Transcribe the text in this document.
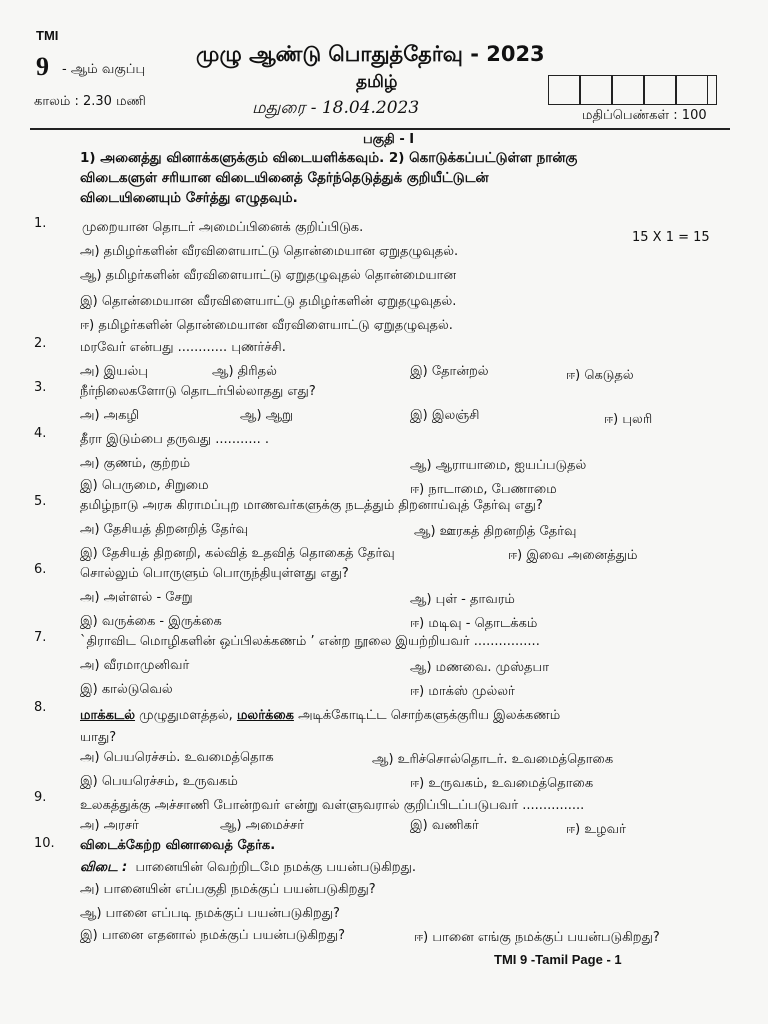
TMI
முழு ஆண்டு பொதுத்தேர்வு - 2023
9 - ஆம் வகுப்பு
தமிழ்
காலம் : 2.30 மணி	மதுரை - 18.04.2023	மதிப்பெண்கள் : 100
பகுதி - I
1) அனைத்து வினாக்களுக்கும் விடையளிக்கவும். 2) கொடுக்கப்பட்டுள்ள நான்கு
விடைகளுள் சரியான விடையினைத் தேர்ந்தெடுத்துக் குறியீட்டுடன்
விடையினையும் சேர்த்து எழுதவும்.
1.	முறையான தொடர் அமைப்பினைக் குறிப்பிடுக.
15 X 1 = 15
அ) தமிழர்களின் வீரவிளையாட்டு தொன்மையான ஏறுதழுவுதல்.
ஆ) தமிழர்களின் வீரவிளையாட்டு ஏறுதழுவுதல் தொன்மையான
இ) தொன்மையான வீரவிளையாட்டு தமிழர்களின் ஏறுதழுவுதல்.
ஈ) தமிழர்களின் தொன்மையான வீரவிளையாட்டு ஏறுதழுவுதல்.
2.	மரவேர் என்பது ............ புணர்ச்சி.
அ) இயல்பு	ஆ) திரிதல்	இ) தோன்றல்	ஈ) கெடுதல்
3.	நீர்நிலைகளோடு தொடர்பில்லாதது எது?
அ) அகழி	ஆ) ஆறு	இ) இலஞ்சி	ஈ) புலரி
4.	தீரா இடும்பை தருவது ........... .
அ) குணம், குற்றம்	ஆ) ஆராயாமை, ஐயப்படுதல்
இ) பெருமை, சிறுமை	ஈ) நாடாமை, பேணாமை
5.	தமிழ்நாடு அரசு கிராமப்புற மாணவர்களுக்கு நடத்தும் திறனாய்வுத் தேர்வு எது?
அ) தேசியத் திறனறித் தேர்வு	ஆ) ஊரகத் திறனறித் தேர்வு
இ) தேசியத் திறனறி, கல்வித் உதவித் தொகைத் தேர்வு	ஈ) இவை அனைத்தும்
6.	சொல்லும் பொருளும் பொருந்தியுள்ளது எது?
அ) அள்ளல் - சேறு	ஆ) புள் - தாவரம்
இ) வருக்கை - இருக்கை	ஈ) மடிவு - தொடக்கம்
7.	`திராவிட மொழிகளின் ஒப்பிலக்கணம் ’ என்ற நூலை இயற்றியவர் ................
அ) வீரமாமுனிவர்	ஆ) மணவை. முஸ்தபா
இ) கால்டுவெல்	ஈ) மாக்ஸ் முல்லர்
8.
மாக்கடல் முழுதுமளத்தல், மலர்க்கை அடிக்கோடிட்ட சொற்களுக்குரிய இலக்கணம்
யாது?
அ) பெயரெச்சம். உவமைத்தொக	ஆ) உரிச்சொல்தொடர். உவமைத்தொகை
இ) பெயரெச்சம், உருவகம்	ஈ) உருவகம், உவமைத்தொகை
9.
உலகத்துக்கு அச்சாணி போன்றவர் என்று வள்ளுவரால் குறிப்பிடப்படுபவர் ...............
அ) அரசர்	ஆ) அமைச்சர்	இ) வணிகர்	ஈ) உழவர்
10. விடைக்கேற்ற வினாவைத் தேர்க.
விடை : பானையின் வெற்றிடமே நமக்கு பயன்படுகிறது.
அ) பானையின் எப்பகுதி நமக்குப் பயன்படுகிறது?
ஆ) பானை எப்படி நமக்குப் பயன்படுகிறது?
இ) பானை எதனால் நமக்குப் பயன்படுகிறது?	ஈ) பானை எங்கு நமக்குப் பயன்படுகிறது?
TMI 9 -Tamil Page - 1
